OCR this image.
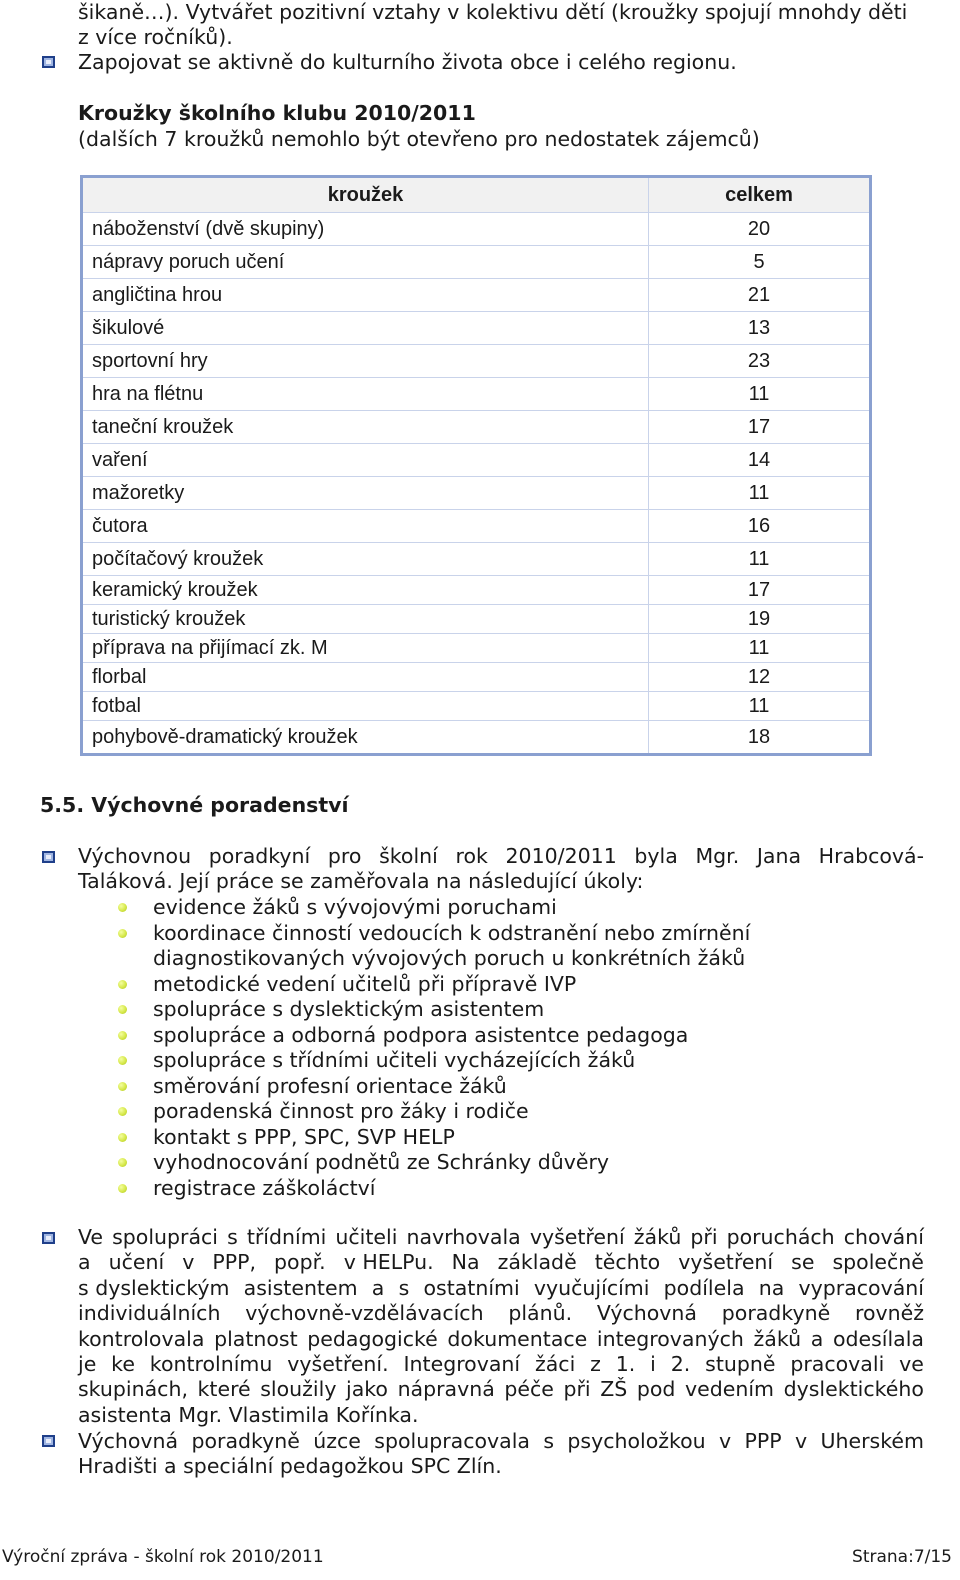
šikaně…). Vytvářet pozitivní vztahy v kolektivu dětí (kroužky spojují mnohdy děti
z více ročníků).
Zapojovat se aktivně do kulturního života obce i celého regionu.
Kroužky školního klubu 2010/2011
(dalších 7 kroužků nemohlo být otevřeno pro nedostatek zájemců)
kroužek	celkem
náboženství (dvě skupiny)	20
nápravy poruch učení	5
angličtina hrou	21
šikulové	13
sportovní hry	23
hra na flétnu	11
taneční kroužek	17
vaření	14
mažoretky	11
čutora	16
počítačový kroužek	11
keramický kroužek	17
turistický kroužek	19
příprava na přijímací zk. M	11
florbal	12
fotbal	11
pohybově-dramatický kroužek	18
5.5. Výchovné poradenství
Výchovnou poradkyní pro školní rok 2010/2011 byla Mgr. Jana Hrabcová-
Taláková. Její práce se zaměřovala na následující úkoly:
evidence žáků s vývojovými poruchami
koordinace činností vedoucích k odstranění nebo zmírnění
diagnostikovaných vývojových poruch u konkrétních žáků
metodické vedení učitelů při přípravě IVP
spolupráce s dyslektickým asistentem
spolupráce a odborná podpora asistentce pedagoga
spolupráce s třídními učiteli vycházejících žáků
směrování profesní orientace žáků
poradenská činnost pro žáky i rodiče
kontakt s PPP, SPC, SVP HELP
vyhodnocování podnětů ze Schránky důvěry
registrace záškoláctví
Ve spolupráci s třídními učiteli navrhovala vyšetření žáků při poruchách chování
a učení v PPP, popř. v HELPu. Na základě těchto vyšetření se společně
s dyslektickým asistentem a s ostatními vyučujícími podílela na vypracování
individuálních výchovně-vzdělávacích plánů. Výchovná poradkyně rovněž
kontrolovala platnost pedagogické dokumentace integrovaných žáků a odesílala
je ke kontrolnímu vyšetření. Integrovaní žáci z 1. i 2. stupně pracovali ve
skupinách, které sloužily jako nápravná péče při ZŠ pod vedením dyslektického
asistenta Mgr. Vlastimila Kořínka.
Výchovná poradkyně úzce spolupracovala s psycholožkou v PPP v Uherském
Hradišti a speciální pedagožkou SPC Zlín.
Výroční zpráva - školní rok 2010/2011	Strana:7/15
